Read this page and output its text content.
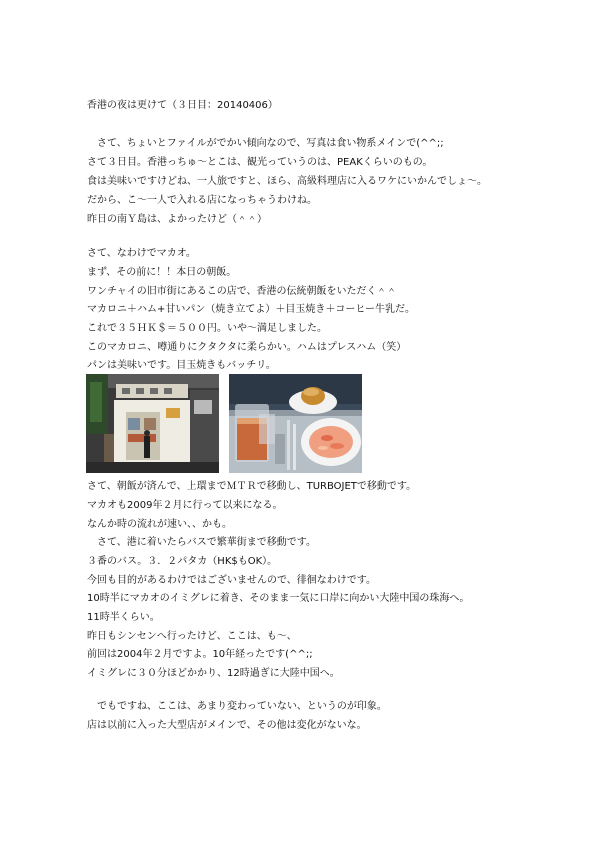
香港の夜は更けて（３日目：20140406）
　さて、ちょいとファイルがでかい傾向なので、写真は食い物系メインで(^^;;
さて３日目。香港っちゅ～とこは、観光っていうのは、PEAKくらいのもの。
食は美味いですけどね、一人旅ですと、ほら、高級料理店に入るワケにいかんでしょ～。
だから、こ～一人で入れる店になっちゃうわけね。
昨日の南Ｙ島は、よかったけど（＾＾）
さて、なわけでマカオ。
まず、その前に！！本日の朝飯。
ワンチャイの旧市街にあるこの店で、香港の伝統朝飯をいただく＾＾
マカロニ＋ハム+甘いパン（焼き立てよ）＋目玉焼き＋コーヒー牛乳だ。
これで３５ＨＫ＄＝５００円。いや～満足しました。
このマカロニ、噂通りにクタクタに柔らかい。ハムはプレスハム（笑）
パンは美味いです。目玉焼きもバッチリ。
さて、朝飯が済んで、上環までＭＴＲで移動し、TURBOJETで移動です。
マカオも2009年２月に行って以来になる。
なんか時の流れが速い、、かも。
　さて、港に着いたらバスで繁華街まで移動です。
３番のバス。３．２パタカ（HK$もOK）。
今回も目的があるわけではございませんので、徘徊なわけです。
10時半にマカオのイミグレに着き、そのまま一気に口岸に向かい大陸中国の珠海へ。
11時半くらい。
昨日もシンセンへ行ったけど、ここは、も～、
前回は2004年２月ですよ。10年経ったです(^^;;
イミグレに３０分ほどかかり、12時過ぎに大陸中国へ。
　でもですね、ここは、あまり変わっていない、というのが印象。
店は以前に入った大型店がメインで、その他は変化がないな。
